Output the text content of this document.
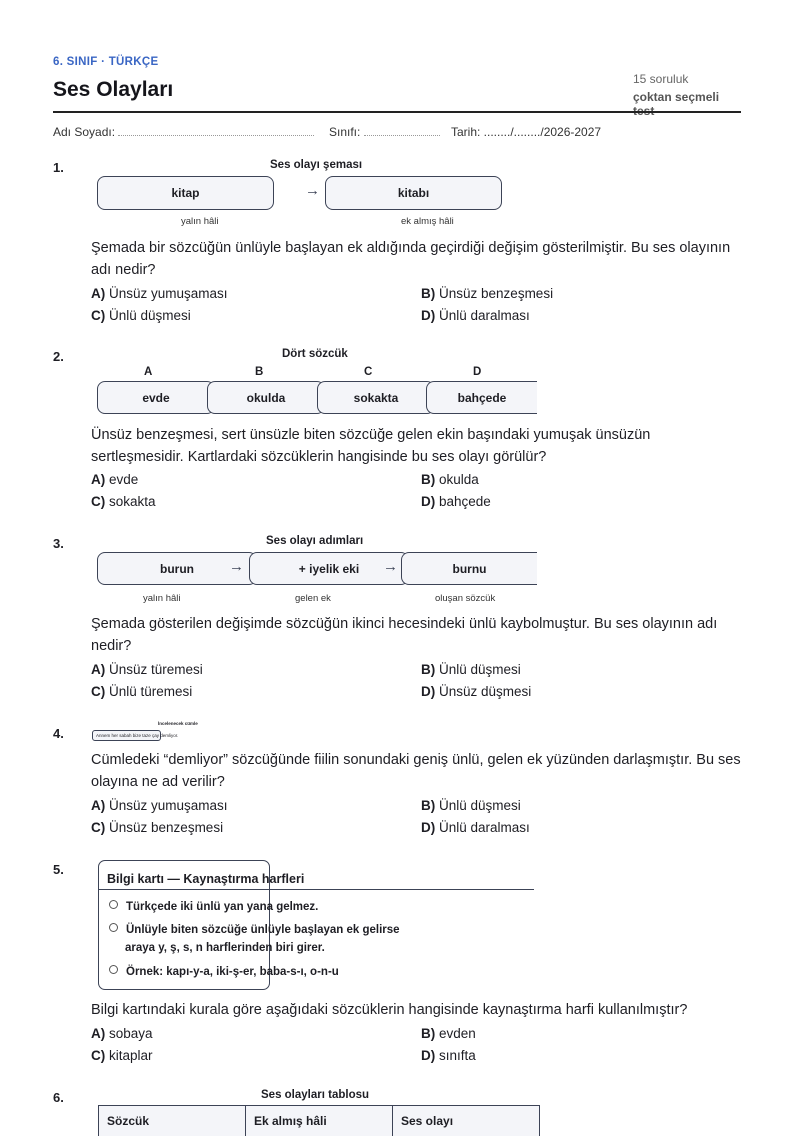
6. SINIF · TÜRKÇE
Ses Olayları	15 soruluk
çoktan seçmeli
Adı Soyadı:	Sınıfı:	Tarih: ......../......../2026-2027
1.	Ses olayı şeması
kitap	→	kitabı
yalın hâli	ek almış hâli
Şemada bir sözcüğün ünlüyle başlayan ek aldığında geçirdiği değişim gösterilmiştir. Bu ses olayının adı nedir?
A) Ünsüz yumuşaması	B) Ünsüz benzeşmesi
C) Ünlü düşmesi	D) Ünlü daralması
2.	Dört sözcük
A	B	C	D
evde	okulda	sokakta	bahçede
Ünsüz benzeşmesi, sert ünsüzle biten sözcüğe gelen ekin başındaki yumuşak ünsüzün sertleşmesidir. Kartlardaki sözcüklerin hangisinde bu ses olayı görülür?
A) evde	B) okulda
C) sokakta	D) bahçede
3.	Ses olayı adımları
burun	→	+ iyelik eki	→	burnu
yalın hâli	gelen ek	oluşan sözcük
Şemada gösterilen değişimde sözcüğün ikinci hecesindeki ünlü kaybolmuştur. Bu ses olayının adı nedir?
A) Ünsüz türemesi	B) Ünlü düşmesi
C) Ünlü türemesi	D) Ünsüz düşmesi
4.
İncelenecek cümle
Annem her sabah bize taze çay demliyor.
Cümledeki “demliyor” sözcüğünde fiilin sonundaki geniş ünlü, gelen ek yüzünden darlaşmıştır. Bu ses olayına ne ad verilir?
A) Ünsüz yumuşaması	B) Ünlü düşmesi
C) Ünsüz benzeşmesi	D) Ünlü daralması
5.
Bilgi kartı — Kaynaştırma harfleri
Türkçede iki ünlü yan yana gelmez.
Ünlüyle biten sözcüğe ünlüyle başlayan ek gelirse
araya y, ş, s, n harflerinden biri girer.
Örnek: kapı-y-a, iki-ş-er, baba-s-ı, o-n-u
Bilgi kartındaki kurala göre aşağıdaki sözcüklerin hangisinde kaynaştırma harfi kullanılmıştır?
A) sobaya	B) evden
C) kitaplar	D) sınıfta
6.	Ses olayları tablosu
Sözcük	Ek almış hâli	Ses olayı
